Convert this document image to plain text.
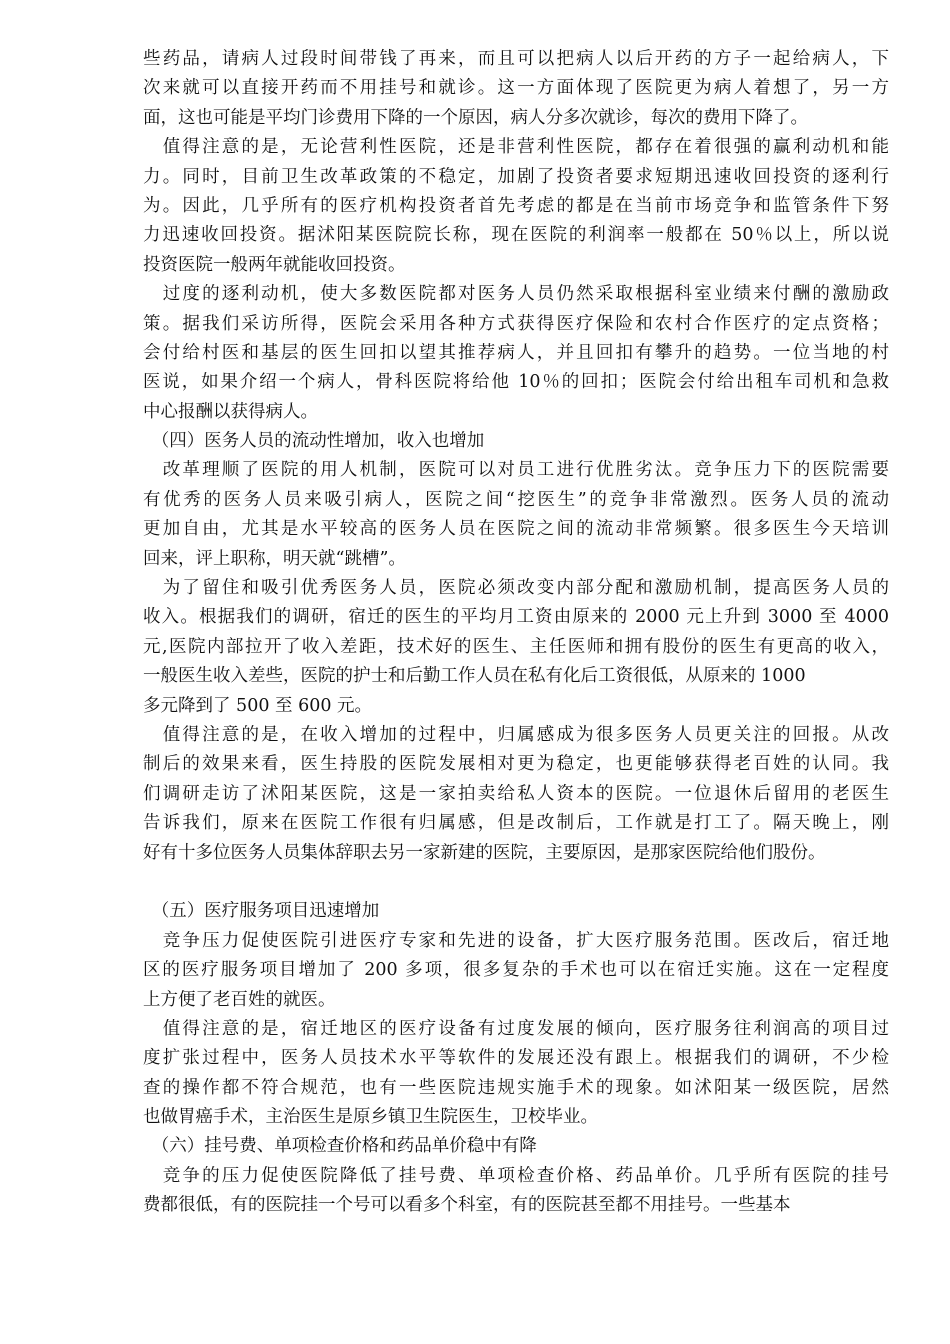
些药品，请病人过段时间带钱了再来，而且可以把病人以后开药的方子一起给病人，下
次来就可以直接开药而不用挂号和就诊。这一方面体现了医院更为病人着想了，另一方
面，这也可能是平均门诊费用下降的一个原因，病人分多次就诊，每次的费用下降了。
　值得注意的是，无论营利性医院，还是非营利性医院，都存在着很强的赢利动机和能
力。同时，目前卫生改革政策的不稳定，加剧了投资者要求短期迅速收回投资的逐利行
为。因此，几乎所有的医疗机构投资者首先考虑的都是在当前市场竞争和监管条件下努
力迅速收回投资。据沭阳某医院院长称，现在医院的利润率一般都在 50％以上，所以说
投资医院一般两年就能收回投资。
　过度的逐利动机，使大多数医院都对医务人员仍然采取根据科室业绩来付酬的激励政
策。据我们采访所得，医院会采用各种方式获得医疗保险和农村合作医疗的定点资格；
会付给村医和基层的医生回扣以望其推荐病人，并且回扣有攀升的趋势。一位当地的村
医说，如果介绍一个病人，骨科医院将给他 10％的回扣；医院会付给出租车司机和急救
中心报酬以获得病人。
　（四）医务人员的流动性增加，收入也增加
　改革理顺了医院的用人机制，医院可以对员工进行优胜劣汰。竞争压力下的医院需要
有优秀的医务人员来吸引病人，医院之间“挖医生”的竞争非常激烈。医务人员的流动
更加自由，尤其是水平较高的医务人员在医院之间的流动非常频繁。很多医生今天培训
回来，评上职称，明天就“跳槽”。
　为了留住和吸引优秀医务人员，医院必须改变内部分配和激励机制，提高医务人员的
收入。根据我们的调研，宿迁的医生的平均月工资由原来的 2000 元上升到 3000 至 4000
元,医院内部拉开了收入差距，技术好的医生、主任医师和拥有股份的医生有更高的收入，
一般医生收入差些，医院的护士和后勤工作人员在私有化后工资很低，从原来的 1000
多元降到了 500 至 600 元。
　值得注意的是，在收入增加的过程中，归属感成为很多医务人员更关注的回报。从改
制后的效果来看，医生持股的医院发展相对更为稳定，也更能够获得老百姓的认同。我
们调研走访了沭阳某医院，这是一家拍卖给私人资本的医院。一位退休后留用的老医生
告诉我们，原来在医院工作很有归属感，但是改制后，工作就是打工了。隔天晚上，刚
好有十多位医务人员集体辞职去另一家新建的医院，主要原因，是那家医院给他们股份。
　（五）医疗服务项目迅速增加
　竞争压力促使医院引进医疗专家和先进的设备，扩大医疗服务范围。医改后，宿迁地
区的医疗服务项目增加了 200 多项，很多复杂的手术也可以在宿迁实施。这在一定程度
上方便了老百姓的就医。
　值得注意的是，宿迁地区的医疗设备有过度发展的倾向，医疗服务往利润高的项目过
度扩张过程中，医务人员技术水平等软件的发展还没有跟上。根据我们的调研，不少检
查的操作都不符合规范，也有一些医院违规实施手术的现象。如沭阳某一级医院，居然
也做胃癌手术，主治医生是原乡镇卫生院医生，卫校毕业。
　（六）挂号费、单项检查价格和药品单价稳中有降
　竞争的压力促使医院降低了挂号费、单项检查价格、药品单价。几乎所有医院的挂号
费都很低，有的医院挂一个号可以看多个科室，有的医院甚至都不用挂号。一些基本
